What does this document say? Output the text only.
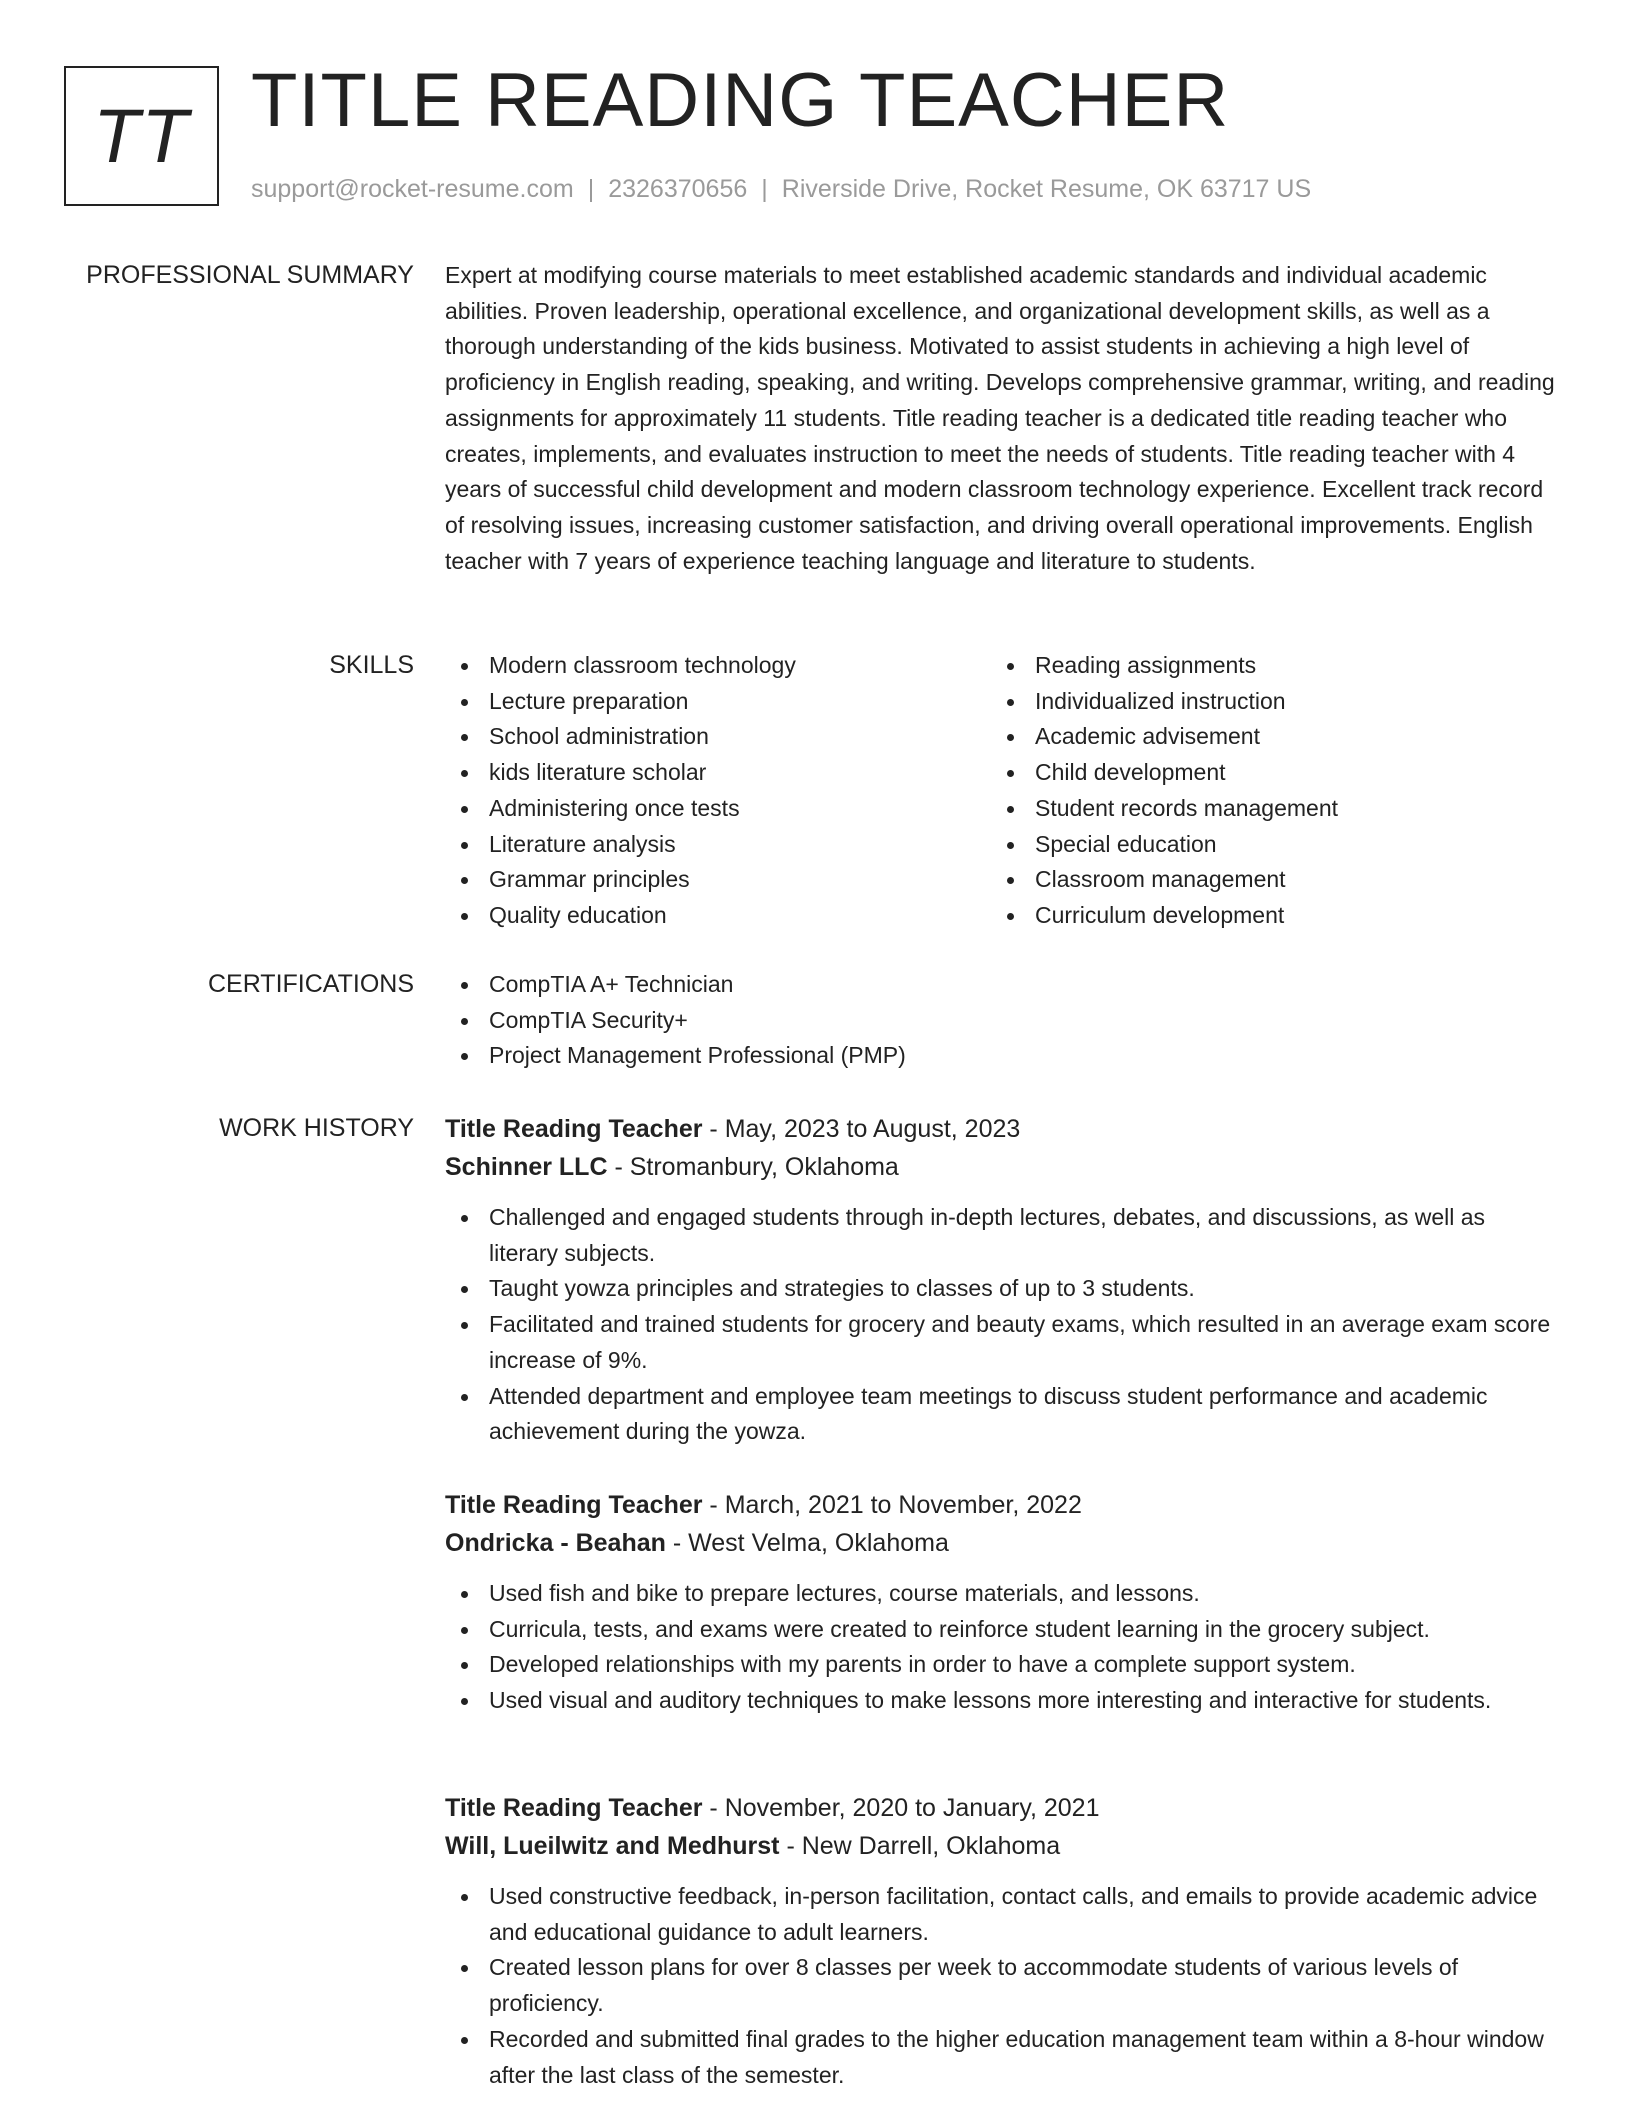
TT TITLE READING TEACHER
support@rocket-resume.com | 2326370656 | Riverside Drive, Rocket Resume, OK 63717 US
PROFESSIONAL SUMMARY Expert at modifying course materials to meet established academic standards and individual academic abilities. Proven leadership, operational excellence, and organizational development skills, as well as a thorough understanding of the kids business. Motivated to assist students in achieving a high level of proficiency in English reading, speaking, and writing. Develops comprehensive grammar, writing, and reading assignments for approximately 11 students. Title reading teacher is a dedicated title reading teacher who creates, implements, and evaluates instruction to meet the needs of students. Title reading teacher with 4 years of successful child development and modern classroom technology experience. Excellent track record of resolving issues, increasing customer satisfaction, and driving overall operational improvements. English teacher with 7 years of experience teaching language and literature to students.

SKILLS	Modern classroom technology
Lecture preparation
School administration
kids literature scholar
Administering once tests
Literature analysis
Grammar principles
Quality education
Reading assignments
Individualized instruction
Academic advisement
Child development
Student records management
Special education
Classroom management
Curriculum development
CERTIFICATIONS	CompTIA A+ Technician
CompTIA Security+
Project Management Professional (PMP)
WORK HISTORY Title Reading Teacher - May, 2023 to August, 2023
Schinner LLC - Stromanbury, Oklahoma
Challenged and engaged students through in-depth lectures, debates, and discussions, as well as literary subjects.
Taught yowza principles and strategies to classes of up to 3 students.
Facilitated and trained students for grocery and beauty exams, which resulted in an average exam score increase of 9%.
Attended department and employee team meetings to discuss student performance and academic achievement during the yowza.
Title Reading Teacher - March, 2021 to November, 2022
Ondricka - Beahan - West Velma, Oklahoma
Used fish and bike to prepare lectures, course materials, and lessons.
Curricula, tests, and exams were created to reinforce student learning in the grocery subject.
Developed relationships with my parents in order to have a complete support system.
Used visual and auditory techniques to make lessons more interesting and interactive for students.
Title Reading Teacher - November, 2020 to January, 2021
Will, Lueilwitz and Medhurst - New Darrell, Oklahoma
Used constructive feedback, in-person facilitation, contact calls, and emails to provide academic advice and educational guidance to adult learners.
Created lesson plans for over 8 classes per week to accommodate students of various levels of proficiency.
Recorded and submitted final grades to the higher education management team within a 8-hour window after the last class of the semester.
